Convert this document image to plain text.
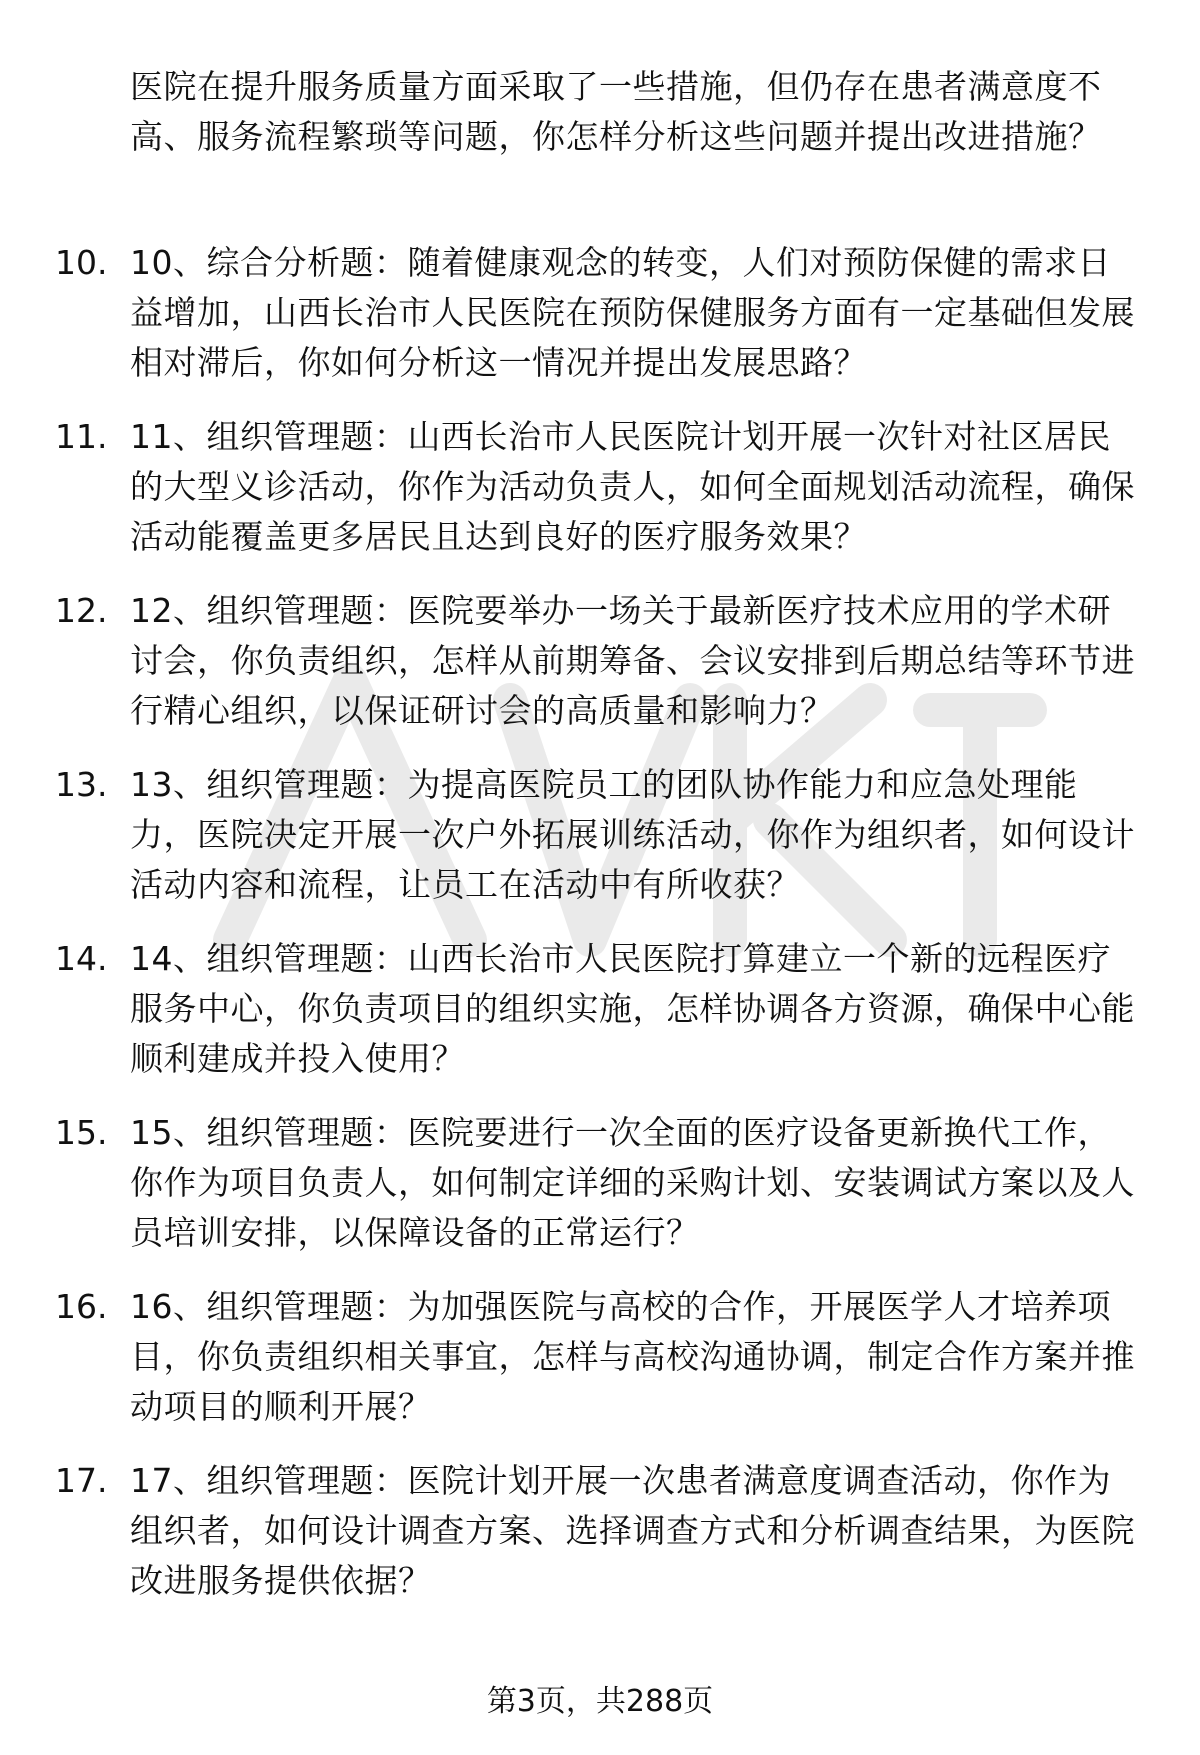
医院在提升服务质量方面采取了一些措施，但仍存在患者满意度不高、服务流程繁琐等问题，你怎样分析这些问题并提出改进措施？
10. 10、综合分析题：随着健康观念的转变，人们对预防保健的需求日益增加，山西长治市人民医院在预防保健服务方面有一定基础但发展相对滞后，你如何分析这一情况并提出发展思路？
11. 11、组织管理题：山西长治市人民医院计划开展一次针对社区居民的大型义诊活动，你作为活动负责人，如何全面规划活动流程，确保活动能覆盖更多居民且达到良好的医疗服务效果？
12. 12、组织管理题：医院要举办一场关于最新医疗技术应用的学术研讨会，你负责组织，怎样从前期筹备、会议安排到后期总结等环节进行精心组织，以保证研讨会的高质量和影响力？
13. 13、组织管理题：为提高医院员工的团队协作能力和应急处理能力，医院决定开展一次户外拓展训练活动，你作为组织者，如何设计活动内容和流程，让员工在活动中有所收获？
14. 14、组织管理题：山西长治市人民医院打算建立一个新的远程医疗服务中心，你负责项目的组织实施，怎样协调各方资源，确保中心能顺利建成并投入使用？
15. 15、组织管理题：医院要进行一次全面的医疗设备更新换代工作，你作为项目负责人，如何制定详细的采购计划、安装调试方案以及人员培训安排，以保障设备的正常运行？
16. 16、组织管理题：为加强医院与高校的合作，开展医学人才培养项目，你负责组织相关事宜，怎样与高校沟通协调，制定合作方案并推动项目的顺利开展？
17. 17、组织管理题：医院计划开展一次患者满意度调查活动，你作为组织者，如何设计调查方案、选择调查方式和分析调查结果，为医院改进服务提供依据？
第3页，共288页
